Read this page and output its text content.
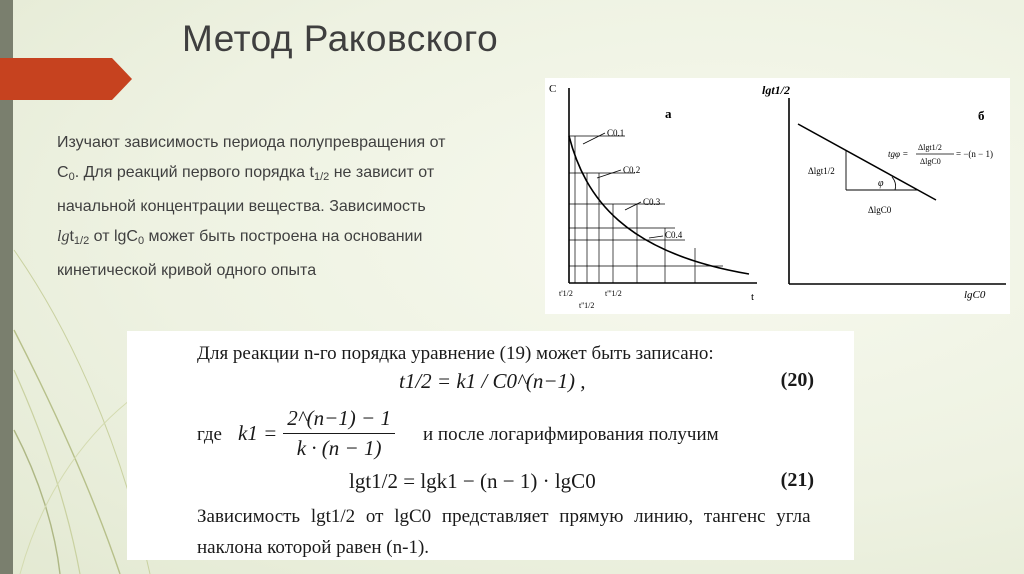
Метод Раковского
Изучают зависимость периода полупревращения от
$C_0$. Для реакций первого порядка $t_{1/2}$ не зависит от
начальной концентрации вещества. Зависимость
lgt$_{1/2}$ от lgC$_0$ может быть построена на основании
кинетической кривой одного опыта
C
а
C0.1
C0.2
C0.3
C0.4
t
t'1/2
t''1/2
t'''1/2
lgt1/2
б
Δlgt1/2
φ
ΔlgC0
tgφ =
Δlgt1/2
ΔlgC0
= −(n − 1)
lgC0
Для реакции n-го порядка уравнение (19) может быть записано:
t1/2 = k1 / C0^(n−1) ,	(20)
где $k1 = \frac{2\^{}(n-1) - 1}{k \cdot (n - 1)}$ и после логарифмирования получим
lgt1/2 = lgk1 − (n − 1) · lgC0	(21)
Зависимость lgt1/2 от lgC0 представляет прямую линию, тангенс угла
наклона которой равен (n-1).
